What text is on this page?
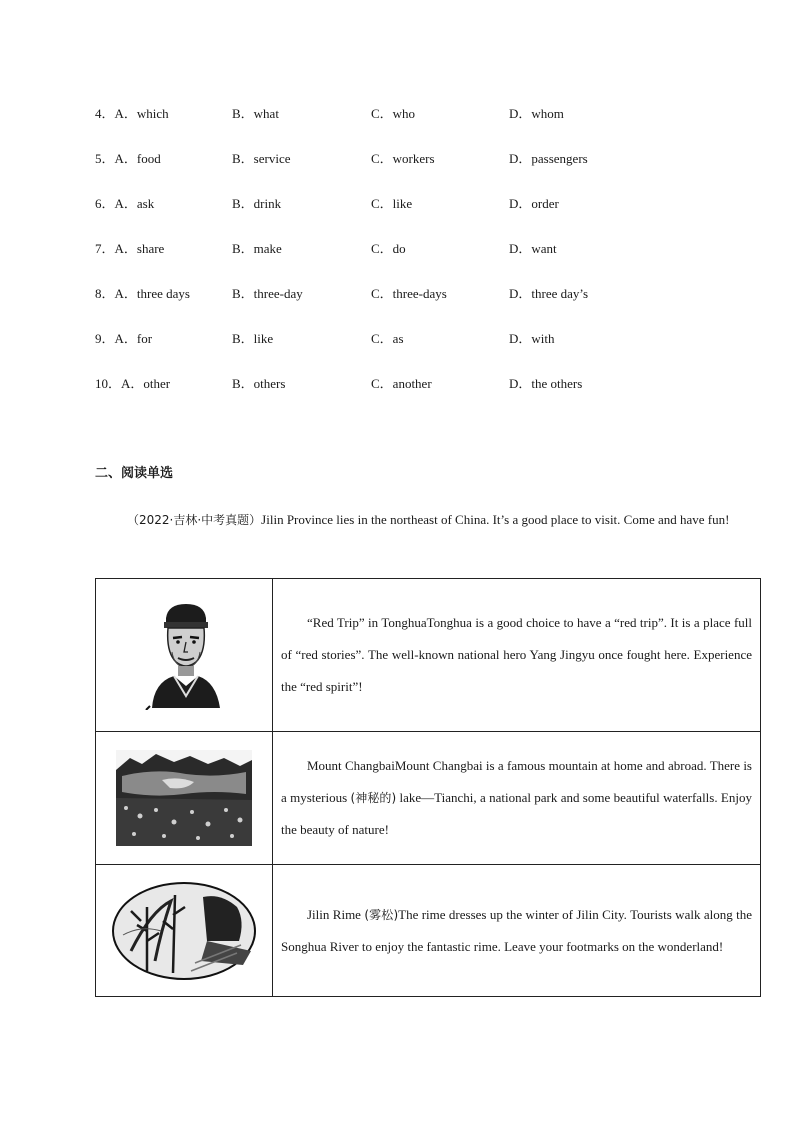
4．A．which	B．what	C．who	D．whom
5．A．food	B．service	C．workers	D．passengers
6．A．ask	B．drink	C．like	D．order
7．A．share	B．make	C．do	D．want
8．A．three days	B．three-day	C．three-days	D．three day’s
9．A．for	B．like	C．as	D．with
10．A．other	B．others	C．another	D．the others
二、阅读单选
（2022·吉林·中考真题）Jilin Province lies in the northeast of China. It’s a good place to visit. Come and have fun!
	“Red Trip” in TonghuaTonghua is a good choice to have a “red trip”. It is a place full of “red stories”. The well-known national hero Yang Jingyu once fought here. Experience the “red spirit”!

	Mount ChangbaiMount Changbai is a famous mountain at home and abroad. There is a mysterious (神秘的) lake—Tianchi, a national park and some beautiful waterfalls. Enjoy the beauty of nature!

	Jilin Rime (雾松)The rime dresses up the winter of Jilin City. Tourists walk along the Songhua River to enjoy the fantastic rime. Leave your footmarks on the wonderland!
